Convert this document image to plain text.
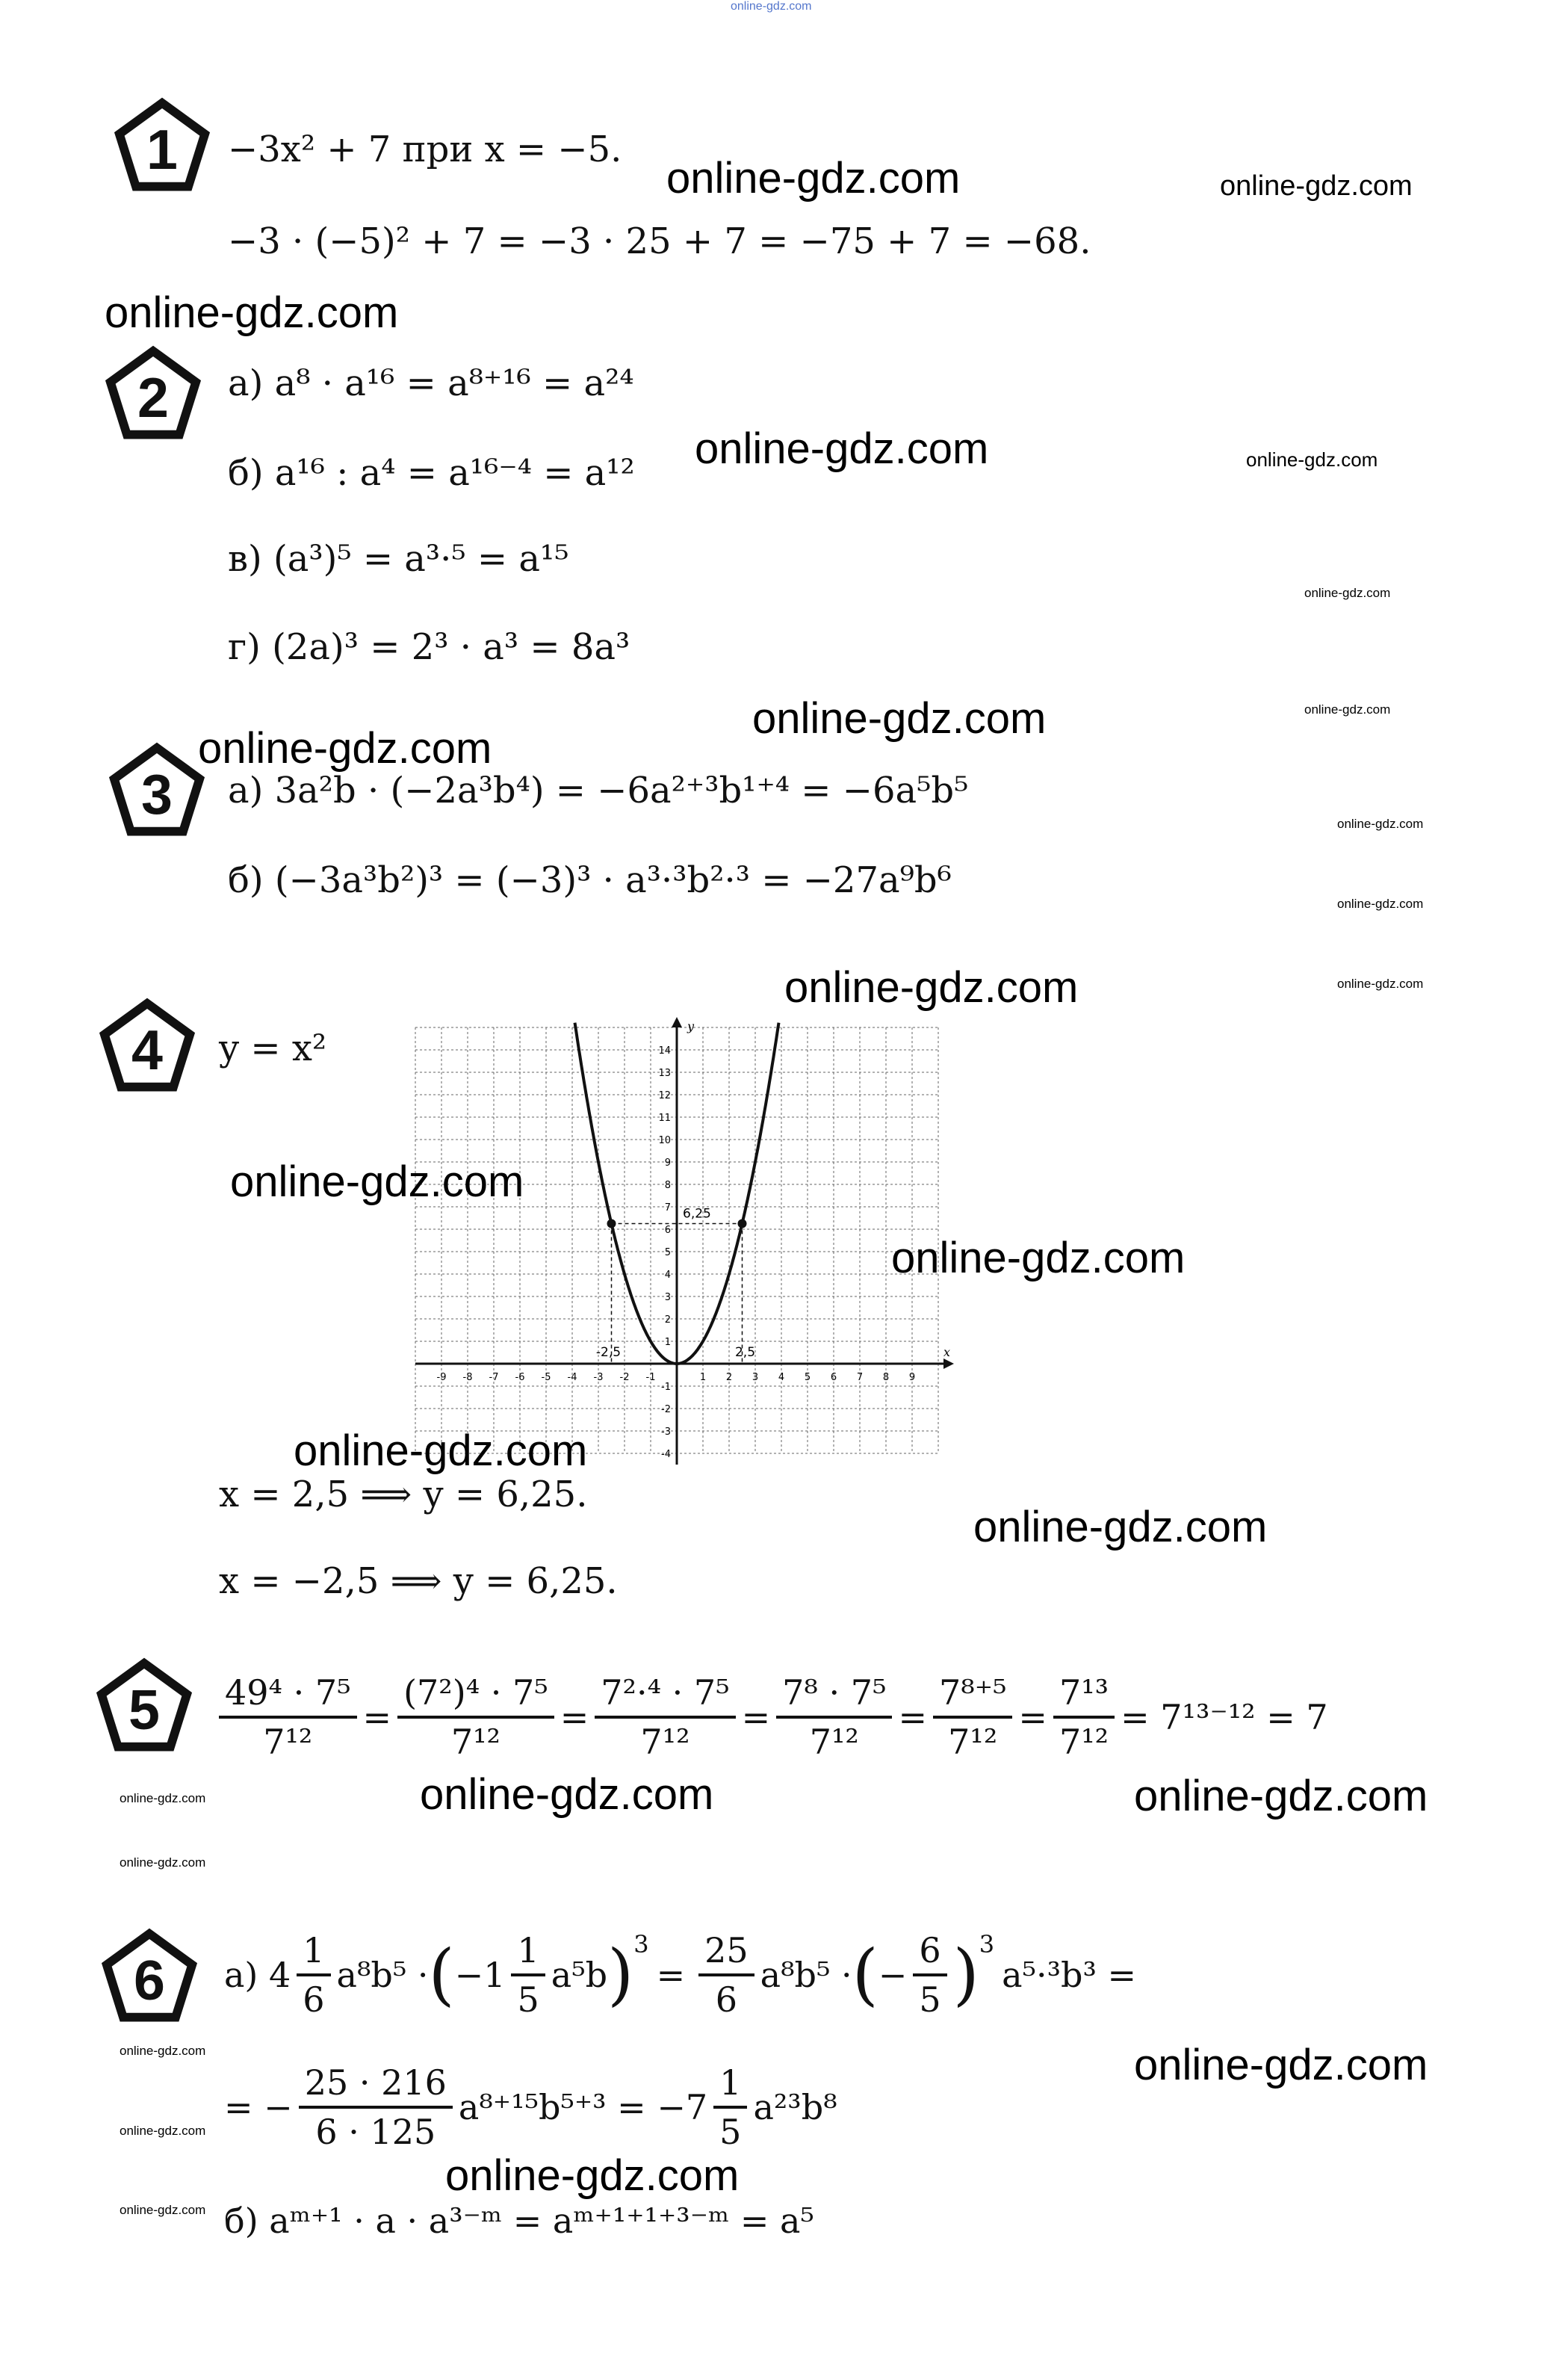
online-gdz.com
1 −3x² + 7 при x = −5.
−3 · (−5)² + 7 = −3 · 25 + 7 = −75 + 7 = −68.
online-gdz.com	online-gdz.com
online-gdz.com
2 а) a⁸ · a¹⁶ = a⁸⁺¹⁶ = a²⁴
б) a¹⁶ : a⁴ = a¹⁶⁻⁴ = a¹²
в) (a³)⁵ = a³·⁵ = a¹⁵
г) (2a)³ = 2³ · a³ = 8a³
online-gdz.com	online-gdz.com
online-gdz.com
online-gdz.com
online-gdz.com
online-gdz.com
3 а) 3a²b · (−2a³b⁴) = −6a²⁺³b¹⁺⁴ = −6a⁵b⁵
б) (−3a³b²)³ = (−3)³ · a³·³b²·³ = −27a⁹b⁶
online-gdz.com
online-gdz.com
online-gdz.com
online-gdz.com
4 y = x²
x
y
-9 -8 -7 -6 -5 -4 -3 -2 -1	1 2 3 4 5 6 7 8 9
1
2
3
4
5
6
7
8
9
10
11
12
13
14
-1
-2
-3
-4
6,25
-2,5	2,5
online-gdz.com
online-gdz.com
online-gdz.com
x = 2,5 ⟹ y = 6,25.
x = −2,5 ⟹ y = 6,25.
online-gdz.com
$5 \frac{\text{49⁴ · 7⁵}}{\text{7¹²}} = \frac{\text{(7²)⁴ · 7⁵}}{\text{7¹²}} = \frac{\text{7²·⁴ · 7⁵}}{\text{7¹²}} = \frac{\text{7⁸ · 7⁵}}{\text{7¹²}} = \frac{\text{7⁸⁺⁵}}{\text{7¹²}} = \frac{\text{7¹³}}{\text{7¹²}} = 7^{13-12} = 7$
online-gdz.com	online-gdz.com
online-gdz.com
online-gdz.com
6 а) $4 \frac{1}{6} a^8b^5$ · ( $-1 \frac{1}{5} a^5b$ ) 3
= $\frac{25}{6} a^8b^5$ · ( − $\frac{6}{5}$ ) 3
a⁵·³b³ =
online-gdz.com	online-gdz.com
= − $\frac{25 \cdot 216}{6 \cdot 125} a^{8+15}b^{5+3} = -7 \frac{1}{5} a^{23}b^8$
online-gdz.com
online-gdz.com
online-gdz.com б) aᵐ⁺¹ · a · a³⁻ᵐ = aᵐ⁺¹⁺¹⁺³⁻ᵐ = a⁵
